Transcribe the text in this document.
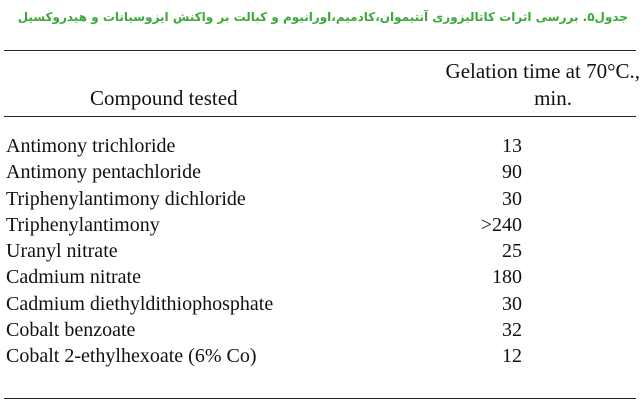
جدول۵. بررسی اثرات کاتالیزوری آنتیموان،کادمیم،اورانیوم و کبالت بر واکنش ایزوسیانات و هیدروکسیل
Compound tested
Gelation time at 70°C.,
min.
Antimony trichloride	13
Antimony pentachloride	90
Triphenylantimony dichloride	30
Triphenylantimony	>240
Uranyl nitrate	25
Cadmium nitrate	180
Cadmium diethyldithiophosphate	30
Cobalt benzoate	32
Cobalt 2-ethylhexoate (6% Co)	12
